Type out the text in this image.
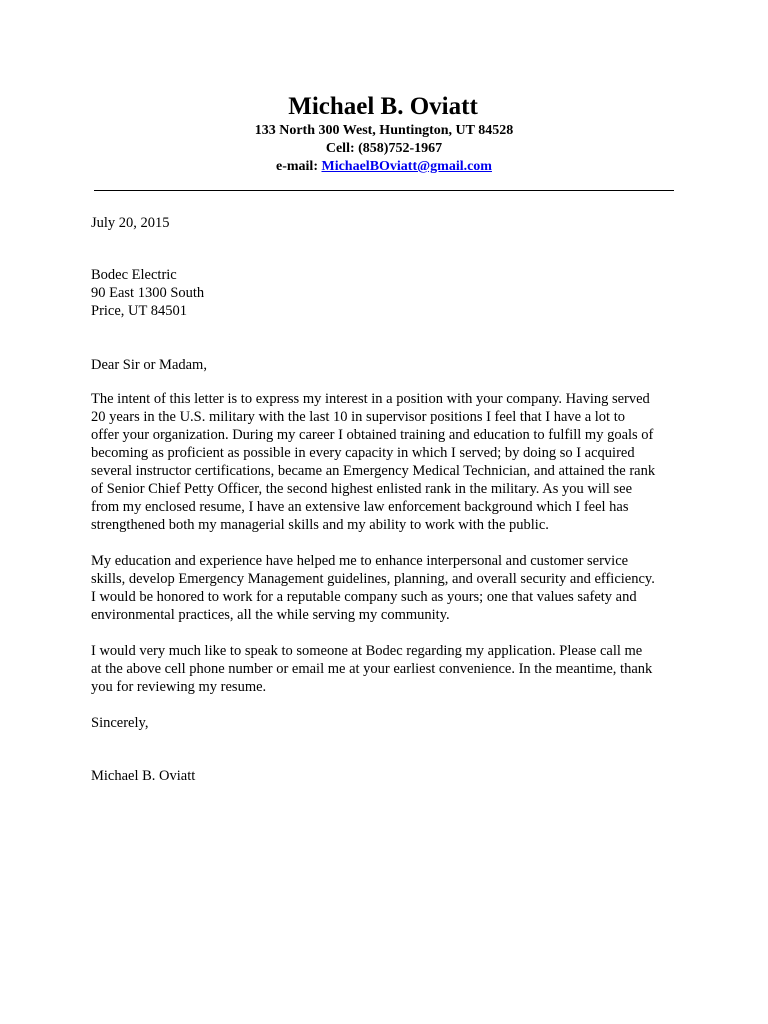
Michael B. Oviatt
133 North 300 West, Huntington, UT 84528
Cell: (858)752-1967
e-mail: MichaelBOviatt@gmail.com
July 20, 2015
Bodec Electric
90 East 1300 South
Price, UT 84501
Dear Sir or Madam,
The intent of this letter is to express my interest in a position with your company. Having served
20 years in the U.S. military with the last 10 in supervisor positions I feel that I have a lot to
offer your organization. During my career I obtained training and education to fulfill my goals of
becoming as proficient as possible in every capacity in which I served; by doing so I acquired
several instructor certifications, became an Emergency Medical Technician, and attained the rank
of Senior Chief Petty Officer, the second highest enlisted rank in the military. As you will see
from my enclosed resume, I have an extensive law enforcement background which I feel has
strengthened both my managerial skills and my ability to work with the public.
My education and experience have helped me to enhance interpersonal and customer service
skills, develop Emergency Management guidelines, planning, and overall security and efficiency.
I would be honored to work for a reputable company such as yours; one that values safety and
environmental practices, all the while serving my community.
I would very much like to speak to someone at Bodec regarding my application. Please call me
at the above cell phone number or email me at your earliest convenience. In the meantime, thank
you for reviewing my resume.
Sincerely,
Michael B. Oviatt
